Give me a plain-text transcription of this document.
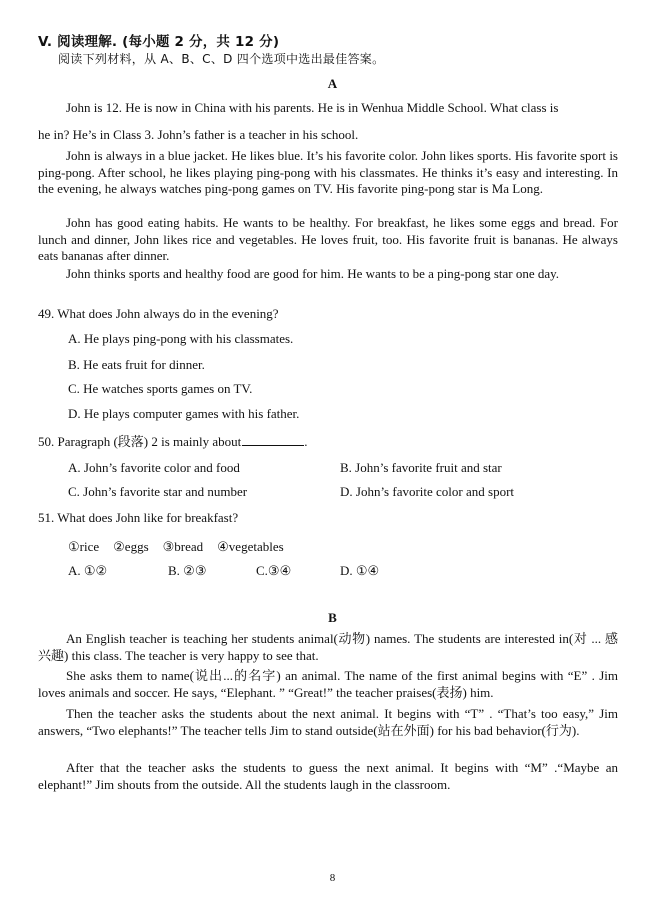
V. 阅读理解. (每小题 2 分，共 12 分)
阅读下列材料，从 A、B、C、D 四个选项中选出最佳答案。
A
John is 12. He is now in China with his parents. He is in Wenhua Middle School. What class is
he in? He’s in Class 3. John’s father is a teacher in his school.
John is always in a blue jacket. He likes blue. It’s his favorite color. John likes sports. His favorite sport is ping-pong. After school, he likes playing ping-pong with his classmates. He thinks it’s easy and interesting. In the evening, he always watches ping-pong games on TV. His favorite ping-pong star is Ma Long.
John has good eating habits. He wants to be healthy. For breakfast, he likes some eggs and bread. For lunch and dinner, John likes rice and vegetables. He loves fruit, too. His favorite fruit is bananas. He always eats bananas after dinner.
John thinks sports and healthy food are good for him. He wants to be a ping-pong star one day.
49. What does John always do in the evening?
A. He plays ping-pong with his classmates.
B. He eats fruit for dinner.
C. He watches sports games on TV.
D. He plays computer games with his father.
50. Paragraph (段落) 2 is mainly about	.
A. John’s favorite color and food	B. John’s favorite fruit and star
C. John’s favorite star and number	D. John’s favorite color and sport
51. What does John like for breakfast?
①rice ②eggs ③bread ④vegetables
A. ①②	B. ②③	C.③④	D. ①④
B
An English teacher is teaching her students animal(动物) names. The students are interested in(对 ... 感兴趣) this class. The teacher is very happy to see that.
She asks them to name(说出...的名字) an animal. The name of the first animal begins with “E” . Jim loves animals and soccer. He says, “Elephant. ” “Great!” the teacher praises(表扬) him.
Then the teacher asks the students about the next animal. It begins with “T” . “That’s too easy,” Jim answers, “Two elephants!” The teacher tells Jim to stand outside(站在外面) for his bad behavior(行为).
After that the teacher asks the students to guess the next animal. It begins with “M” .“Maybe an elephant!” Jim shouts from the outside. All the students laugh in the classroom.
8
